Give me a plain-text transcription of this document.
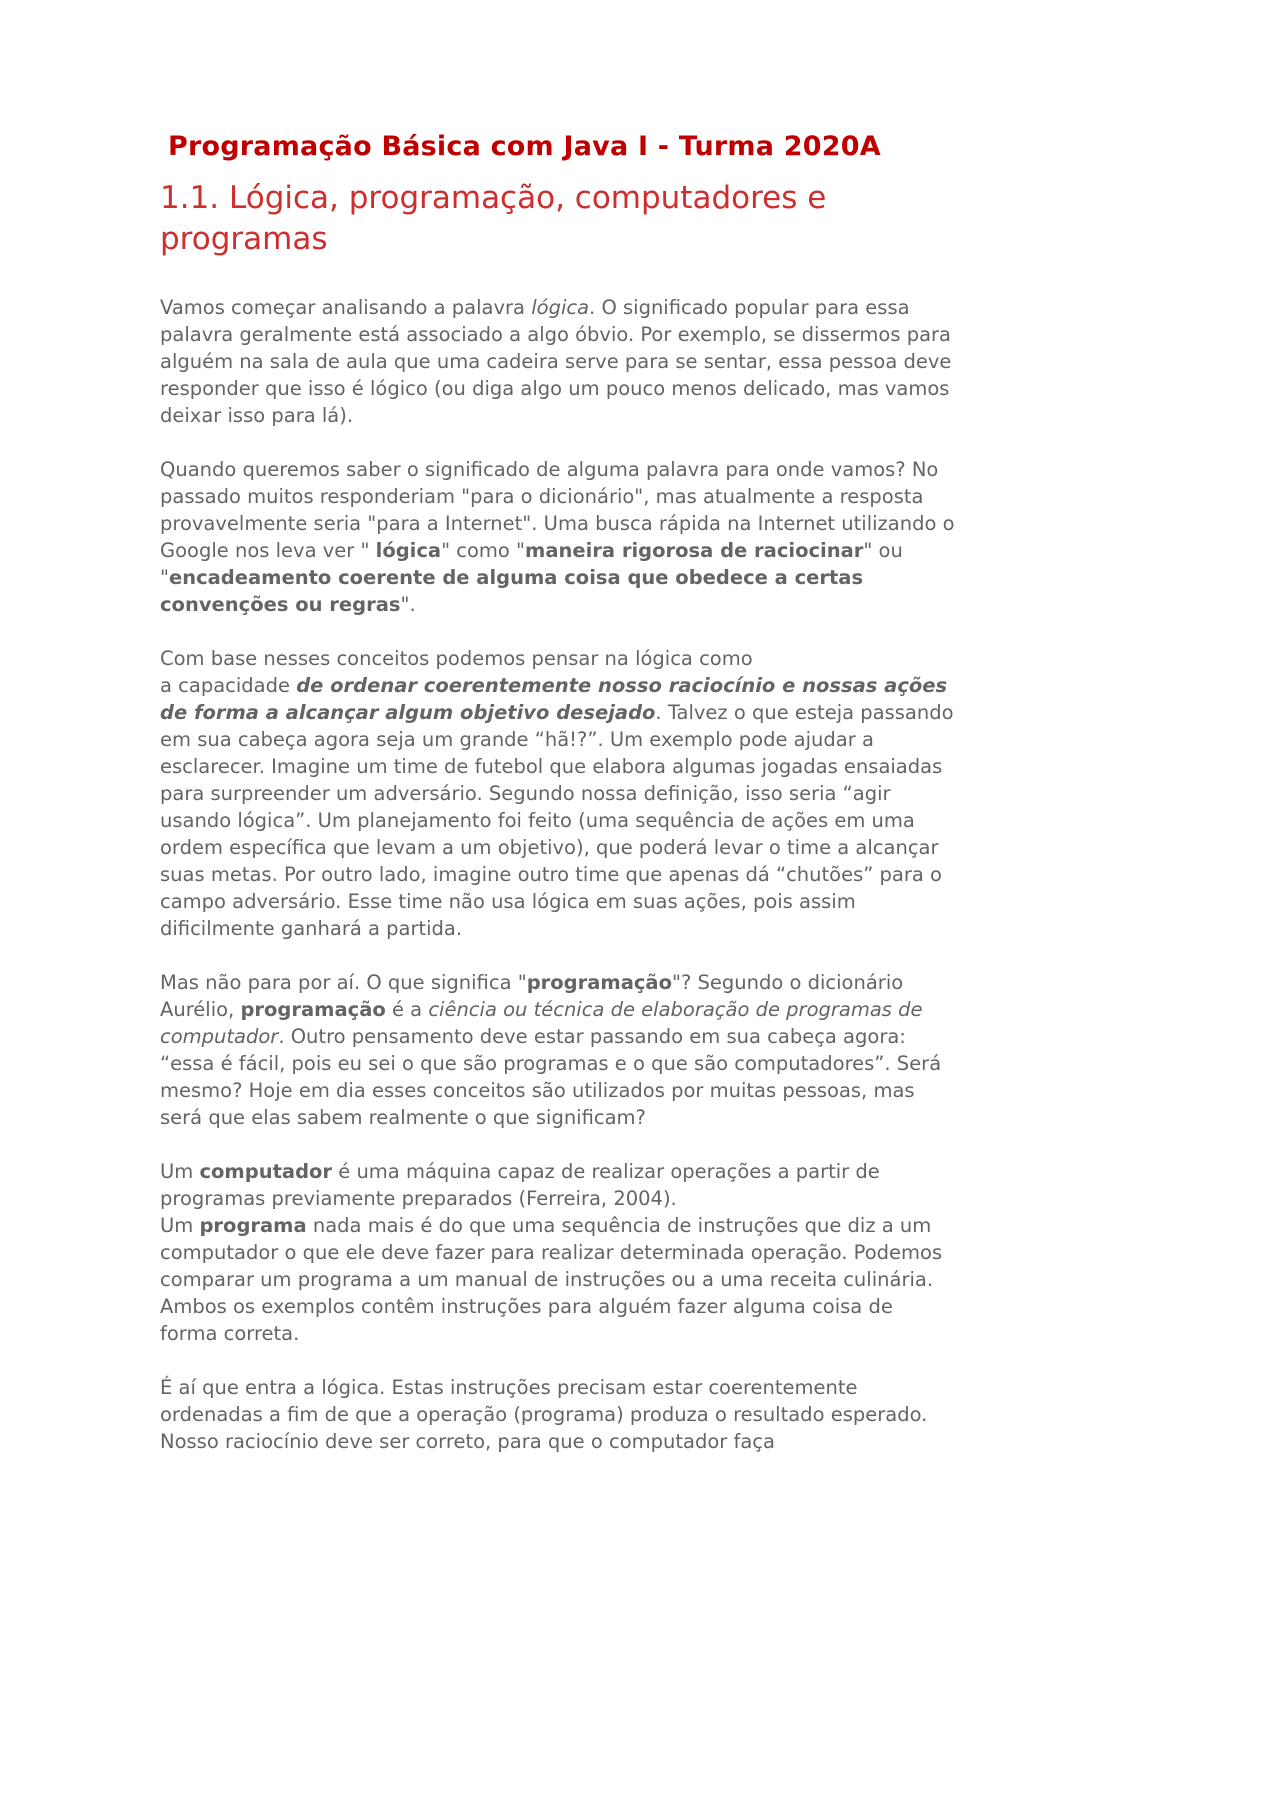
Programação Básica com Java I - Turma 2020A
1.1. Lógica, programação, computadores e programas

Vamos começar analisando a palavra lógica. O significado popular para essa palavra geralmente está associado a algo óbvio. Por exemplo, se dissermos para alguém na sala de aula que uma cadeira serve para se sentar, essa pessoa deve responder que isso é lógico (ou diga algo um pouco menos delicado, mas vamos deixar isso para lá).

Quando queremos saber o significado de alguma palavra para onde vamos? No passado muitos responderiam "para o dicionário", mas atualmente a resposta provavelmente seria "para a Internet". Uma busca rápida na Internet utilizando o Google nos leva ver " lógica" como "maneira rigorosa de raciocinar" ou "encadeamento coerente de alguma coisa que obedece a certas convenções ou regras".

Com base nesses conceitos podemos pensar na lógica como
a capacidade de ordenar coerentemente nosso raciocínio e nossas ações de forma a alcançar algum objetivo desejado. Talvez o que esteja passando em sua cabeça agora seja um grande “hã!?”. Um exemplo pode ajudar a esclarecer. Imagine um time de futebol que elabora algumas jogadas ensaiadas para surpreender um adversário. Segundo nossa definição, isso seria “agir usando lógica”. Um planejamento foi feito (uma sequência de ações em uma ordem específica que levam a um objetivo), que poderá levar o time a alcançar suas metas. Por outro lado, imagine outro time que apenas dá “chutões” para o campo adversário. Esse time não usa lógica em suas ações, pois assim dificilmente ganhará a partida.

Mas não para por aí. O que significa "programação"? Segundo o dicionário Aurélio, programação é a ciência ou técnica de elaboração de programas de computador. Outro pensamento deve estar passando em sua cabeça agora: “essa é fácil, pois eu sei o que são programas e o que são computadores”. Será mesmo? Hoje em dia esses conceitos são utilizados por muitas pessoas, mas será que elas sabem realmente o que significam?

Um computador é uma máquina capaz de realizar operações a partir de programas previamente preparados (Ferreira, 2004).
Um programa nada mais é do que uma sequência de instruções que diz a um computador o que ele deve fazer para realizar determinada operação. Podemos comparar um programa a um manual de instruções ou a uma receita culinária. Ambos os exemplos contêm instruções para alguém fazer alguma coisa de forma correta.

É aí que entra a lógica. Estas instruções precisam estar coerentemente ordenadas a fim de que a operação (programa) produza o resultado esperado. Nosso raciocínio deve ser correto, para que o computador faça
